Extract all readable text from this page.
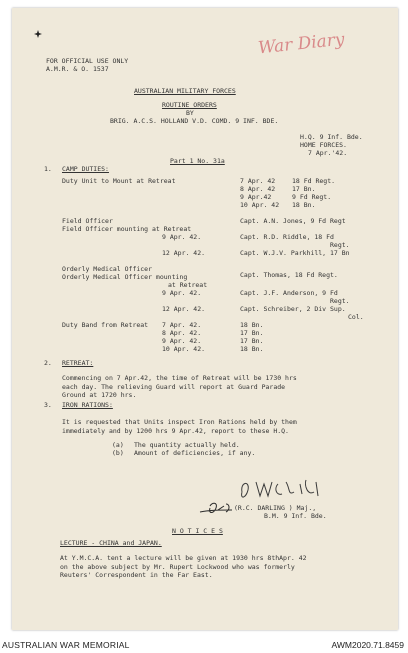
FOR OFFICIAL USE ONLY
A.M.R. & O. 1537
War Diary
AUSTRALIAN MILITARY FORCES
ROUTINE ORDERS
BY
BRIG. A.C.S. HOLLAND V.D. COMD. 9 INF. BDE.
H.Q. 9 Inf. Bde.
HOME FORCES.
7 Apr.'42.
Part 1 No. 31a
1. CAMP DUTIES:
Duty Unit to Mount at Retreat	7 Apr. 42	18 Fd Regt.
8 Apr. 42	17 Bn.
9 Apr.42	9 Fd Regt.
10 Apr. 42 18 Bn.
Field Officer
Field Officer mounting at Retreat
Capt. A.N. Jones, 9 Fd Regt
9 Apr. 42.	Capt. R.D. Riddle, 18 Fd
Regt.
12 Apr. 42.	Capt. W.J.V. Parkhill, 17 Bn
Orderly Medical Officer
Orderly Medical Officer mounting
at Retreat
Capt. Thomas, 18 Fd Regt.
9 Apr. 42.	Capt. J.F. Anderson, 9 Fd
Regt.
12 Apr. 42.	Capt. Schreiber, 2 Div Sup.
Col.
Duty Band from Retreat 7 Apr. 42.	18 Bn.
8 Apr. 42.	17 Bn.
9 Apr. 42.	17 Bn.
10 Apr. 42.	18 Bn.
2. RETREAT:
Commencing on 7 Apr.42, the time of Retreat will be 1730 hrs
each day. The relieving Guard will report at Guard Parade
Ground at 1720 hrs.
3. IRON RATIONS:
It is requested that Units inspect Iron Rations held by them
immediately and by 1200 hrs 9 Apr.42, report to these H.Q.
(a) The quantity actually held.
(b) Amount of deficiencies, if any.
(R.C. DARLING ) Maj.,
B.M. 9 Inf. Bde.
N O T I C E S
LECTURE - CHINA and JAPAN.
At Y.M.C.A. tent a lecture will be given at 1930 hrs 8thApr. 42
on the above subject by Mr. Rupert Lockwood who was formerly
Reuters' Correspondent in the Far East.
AUSTRALIAN WAR MEMORIAL	AWM2020.71.8459
